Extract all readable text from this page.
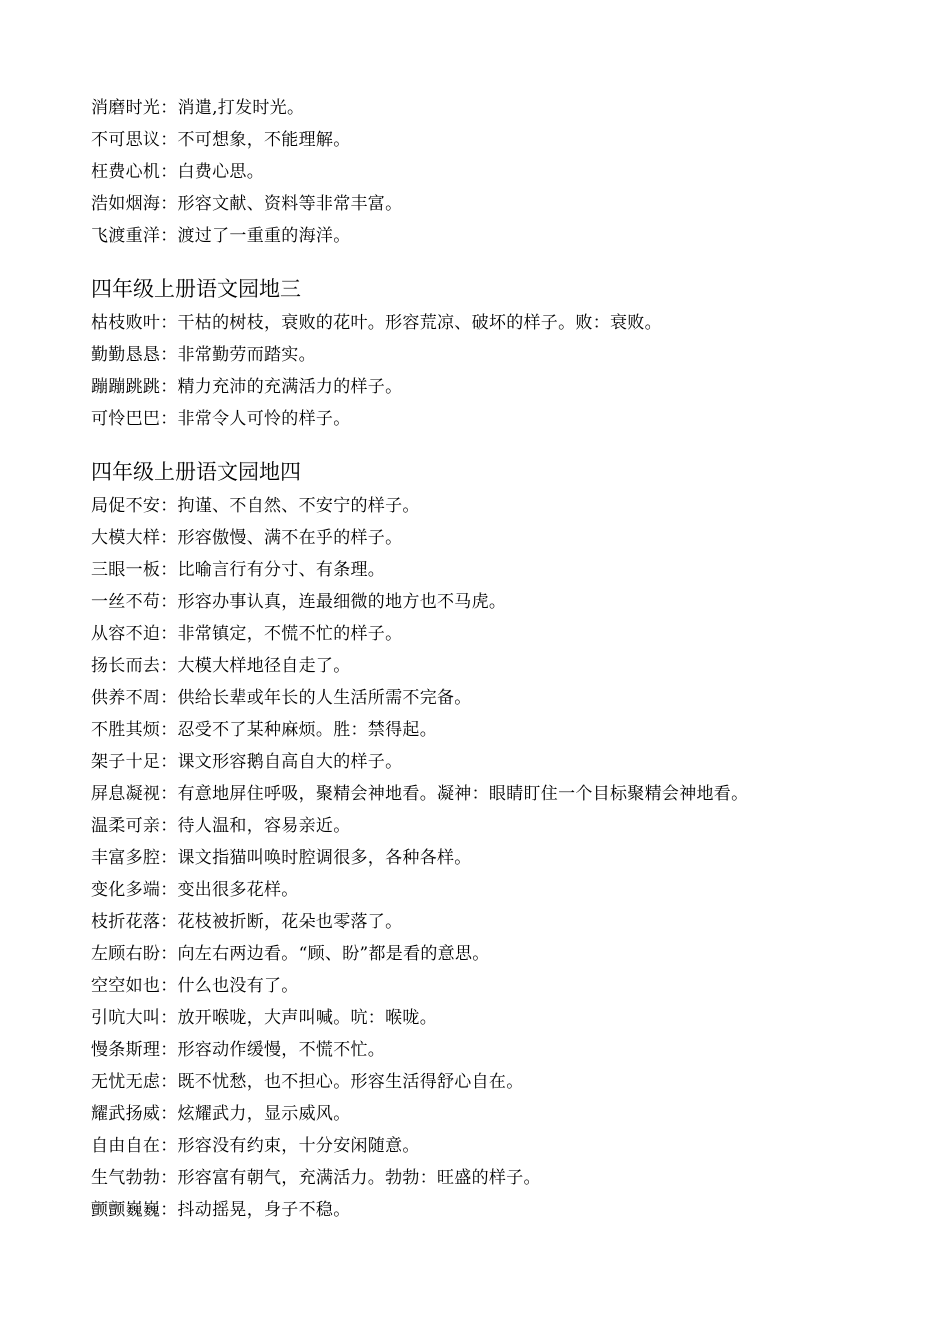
消磨时光：消遣,打发时光。
不可思议：不可想象，不能理解。
枉费心机：白费心思。
浩如烟海：形容文献、资料等非常丰富。
飞渡重洋：渡过了一重重的海洋。
四年级上册语文园地三
枯枝败叶：干枯的树枝，衰败的花叶。形容荒凉、破坏的样子。败：衰败。
勤勤恳恳：非常勤劳而踏实。
蹦蹦跳跳：精力充沛的充满活力的样子。
可怜巴巴：非常令人可怜的样子。
四年级上册语文园地四
局促不安：拘谨、不自然、不安宁的样子。
大模大样：形容傲慢、满不在乎的样子。
三眼一板：比喻言行有分寸、有条理。
一丝不苟：形容办事认真，连最细微的地方也不马虎。
从容不迫：非常镇定，不慌不忙的样子。
扬长而去：大模大样地径自走了。
供养不周：供给长辈或年长的人生活所需不完备。
不胜其烦：忍受不了某种麻烦。胜：禁得起。
架子十足：课文形容鹅自高自大的样子。
屏息凝视：有意地屏住呼吸，聚精会神地看。凝神：眼睛盯住一个目标聚精会神地看。
温柔可亲：待人温和，容易亲近。
丰富多腔：课文指猫叫唤时腔调很多，各种各样。
变化多端：变出很多花样。
枝折花落：花枝被折断，花朵也零落了。
左顾右盼：向左右两边看。“顾、盼”都是看的意思。
空空如也：什么也没有了。
引吭大叫：放开喉咙，大声叫喊。吭：喉咙。
慢条斯理：形容动作缓慢，不慌不忙。
无忧无虑：既不忧愁，也不担心。形容生活得舒心自在。
耀武扬威：炫耀武力，显示威风。
自由自在：形容没有约束，十分安闲随意。
生气勃勃：形容富有朝气，充满活力。勃勃：旺盛的样子。
颤颤巍巍：抖动摇晃，身子不稳。
